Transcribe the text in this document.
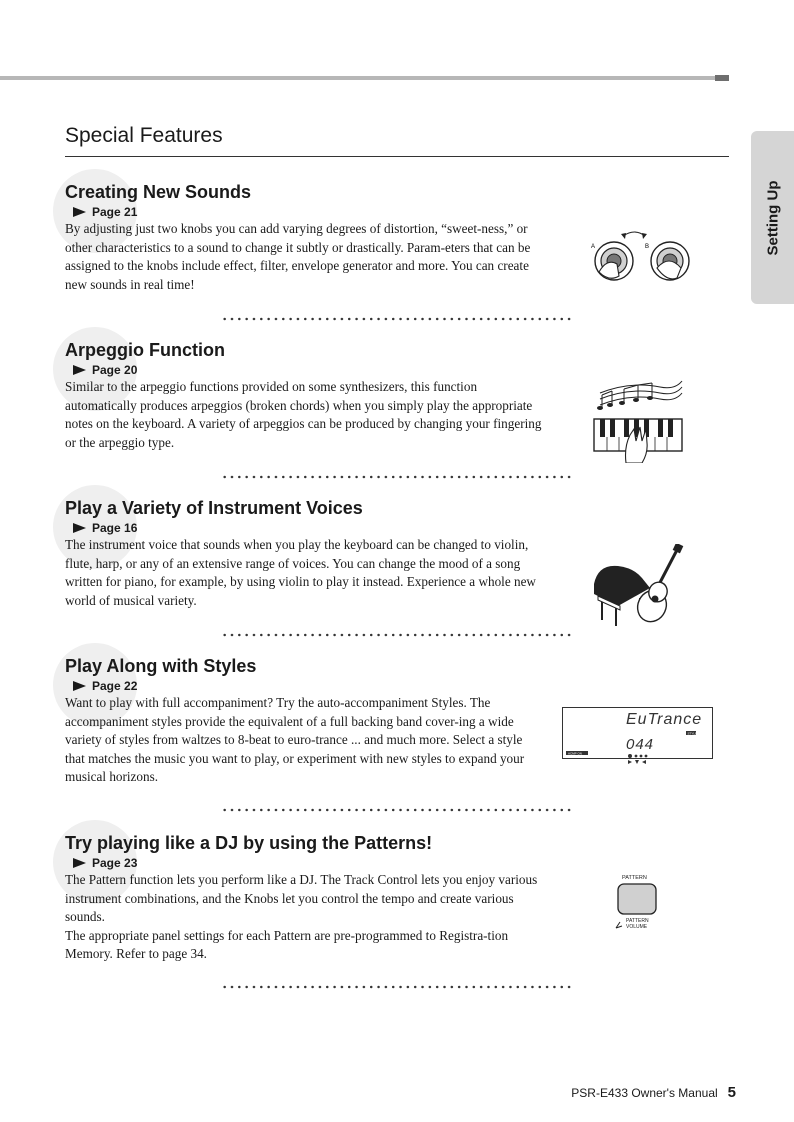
Special Features
Setting Up
Creating New Sounds
Page 21

By adjusting just two knobs you can add varying degrees of distortion, “sweet-ness,” or other characteristics to a sound to change it subtly or drastically. Param-eters that can be assigned to the knobs include effect, filter, envelope generator and more. You can create new sounds in real time!

A	B
Arpeggio Function
Page 20

Similar to the arpeggio functions provided on some synthesizers, this function automatically produces arpeggios (broken chords) when you simply play the appropriate notes on the keyboard. A variety of arpeggios can be produced by changing your fingering or the arpeggio type.

Play a Variety of Instrument Voices
Page 16

The instrument voice that sounds when you play the keyboard can be changed to violin, flute, harp, or any of an extensive range of voices. You can change the mood of a song written for piano, for example, by using violin to play it instead. Experience a whole new world of musical variety.

Play Along with Styles
Page 22

Want to play with full accompaniment? Try the auto-accompaniment Styles. The accompaniment styles provide the equivalent of a full backing band cover-ing a wide variety of styles from waltzes to 8-beat to euro-trance ... and much more. Select a style that matches the music you want to play, or experiment with new styles to expand your musical horizons.

EuTrance
STYLE
044
ACMP ON
Try playing like a DJ by using the Patterns!
Page 23

The Pattern function lets you perform like a DJ. The Track Control lets you enjoy various instrument combinations, and the Knobs let you control the tempo and create various sounds.

The appropriate panel settings for each Pattern are pre-programmed to Registra-tion Memory. Refer to page 34.

PATTERN
PATTERN
VOLUME
PSR-E433 Owner's Manual 5
